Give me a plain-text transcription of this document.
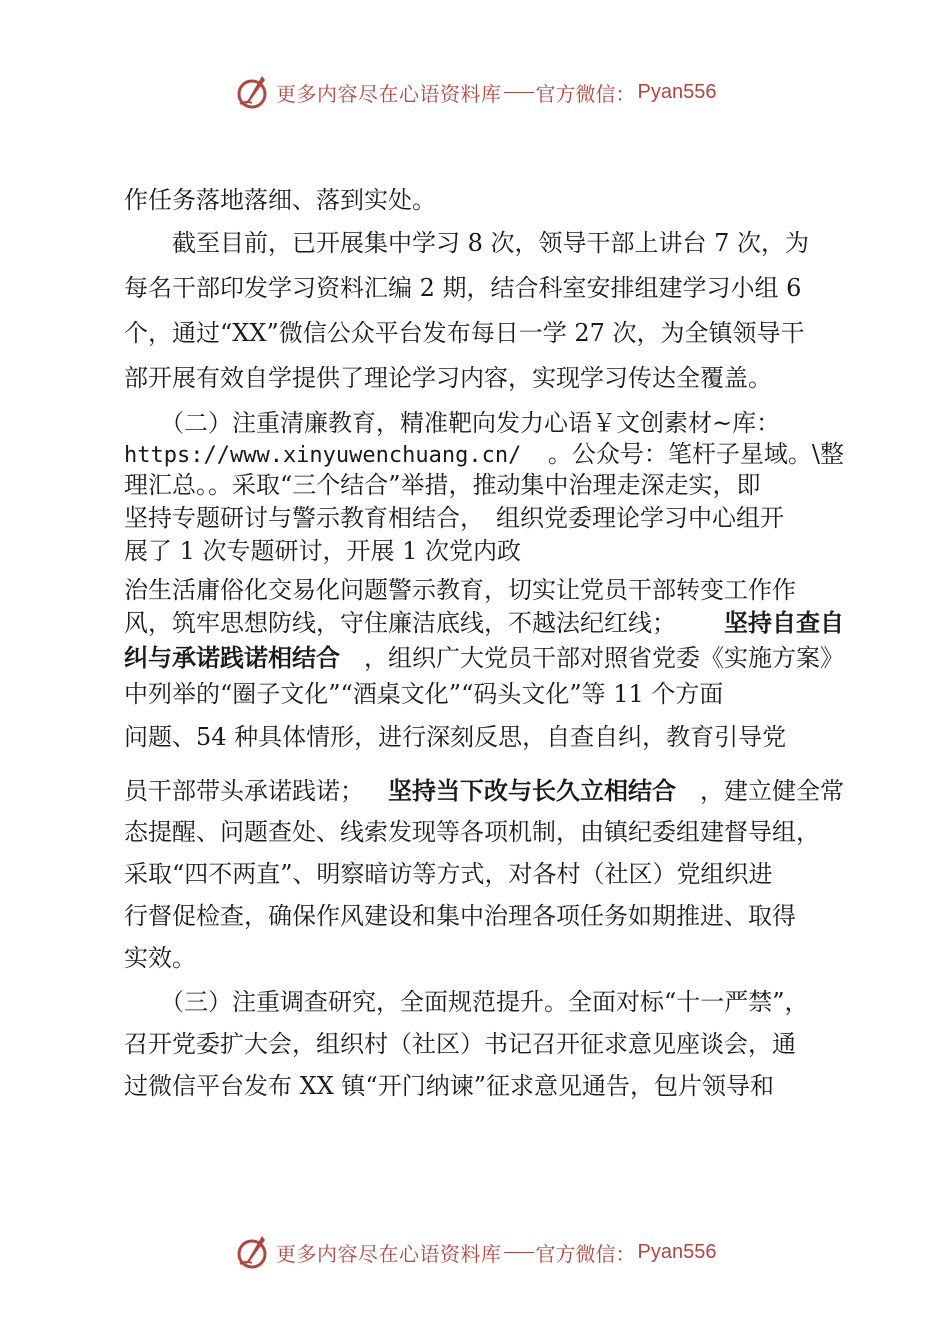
更多内容尽在心语资料库 官方微信： Pyan556
作任务落地落细、落到实处。
　　截至目前，已开展集中学习 8 次，领导干部上讲台 7 次，为
每名干部印发学习资料汇编 2 期，结合科室安排组建学习小组 6
个，通过“XX”微信公众平台发布每日一学 27 次，为全镇领导干
部开展有效自学提供了理论学习内容，实现学习传达全覆盖。
　　（二）注重清廉教育，精准靶向发力心语￥文创素材~库：
https://www.xinyuwenchuang.cn/ 。公众号：笔杆子星域。\整
理汇总。。采取“三个结合”举措，推动集中治理走深走实，即
坚持专题研讨与警示教育相结合，　组织党委理论学习中心组开
展了 1 次专题研讨，开展 1 次党内政
治生活庸俗化交易化问题警示教育，切实让党员干部转变工作作
风，筑牢思想防线，守住廉洁底线，不越法纪红线； 坚持自查自
纠与承诺践诺相结合 ，组织广大党员干部对照省党委《实施方案》
中列举的“圈子文化”“酒桌文化”“码头文化”等 11 个方面
问题、54 种具体情形，进行深刻反思，自查自纠，教育引导党
员干部带头承诺践诺； 坚持当下改与长久立相结合 ，建立健全常
态提醒、问题查处、线索发现等各项机制，由镇纪委组建督导组，
采取“四不两直”、明察暗访等方式，对各村（社区）党组织进
行督促检查，确保作风建设和集中治理各项任务如期推进、取得
实效。
　　（三）注重调查研究，全面规范提升。全面对标“十一严禁”，
召开党委扩大会，组织村（社区）书记召开征求意见座谈会，通
过微信平台发布 XX 镇“开门纳谏”征求意见通告，包片领导和
更多内容尽在心语资料库 官方微信： Pyan556
